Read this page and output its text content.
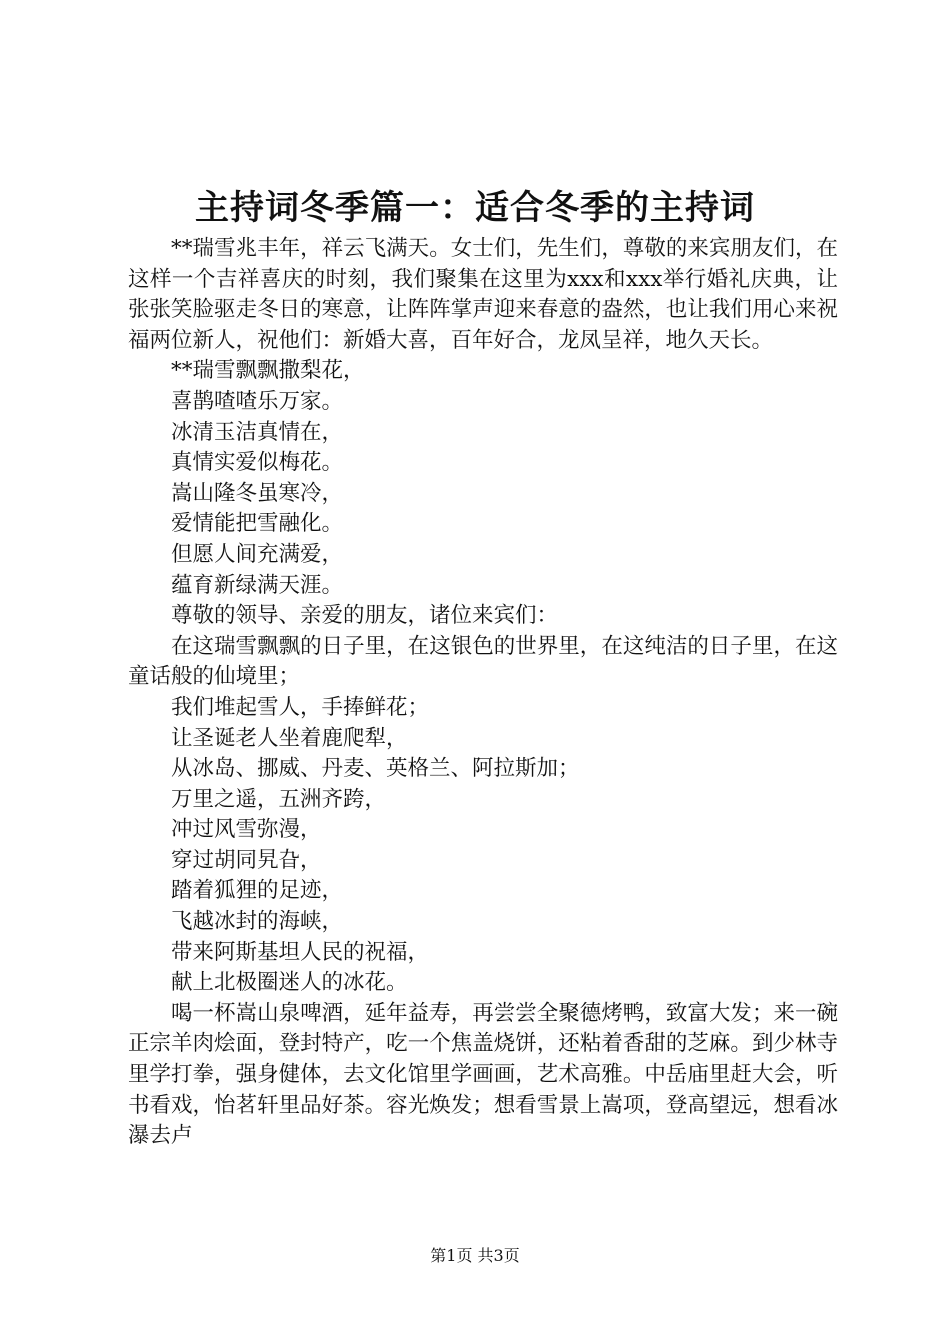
主持词冬季篇一：适合冬季的主持词

**瑞雪兆丰年，祥云飞满天。女士们，先生们，尊敬的来宾朋友们，在这样一个吉祥喜庆的时刻，我们聚集在这里为xxx和xxx举行婚礼庆典，让张张笑脸驱走冬日的寒意，让阵阵掌声迎来春意的盎然，也让我们用心来祝福两位新人，祝他们：新婚大喜，百年好合，龙凤呈祥，地久天长。

**瑞雪飘飘撒梨花，

喜鹊喳喳乐万家。

冰清玉洁真情在，

真情实爱似梅花。

嵩山隆冬虽寒冷，

爱情能把雪融化。

但愿人间充满爱，

蕴育新绿满天涯。

尊敬的领导、亲爱的朋友，诸位来宾们：

在这瑞雪飘飘的日子里，在这银色的世界里，在这纯洁的日子里，在这童话般的仙境里；

我们堆起雪人，手捧鲜花；

让圣诞老人坐着鹿爬犁，

从冰岛、挪威、丹麦、英格兰、阿拉斯加；

万里之遥，五洲齐跨，

冲过风雪弥漫，

穿过胡同旯旮，

踏着狐狸的足迹，

飞越冰封的海峡，

带来阿斯基坦人民的祝福，

献上北极圈迷人的冰花。

喝一杯嵩山泉啤酒，延年益寿，再尝尝全聚德烤鸭，致富大发；来一碗正宗羊肉烩面，登封特产，吃一个焦盖烧饼，还粘着香甜的芝麻。到少林寺里学打拳，强身健体，去文化馆里学画画，艺术高雅。中岳庙里赶大会，听书看戏，怡茗轩里品好茶。容光焕发；想看雪景上嵩项，登高望远，想看冰瀑去卢

第1页 共3页
